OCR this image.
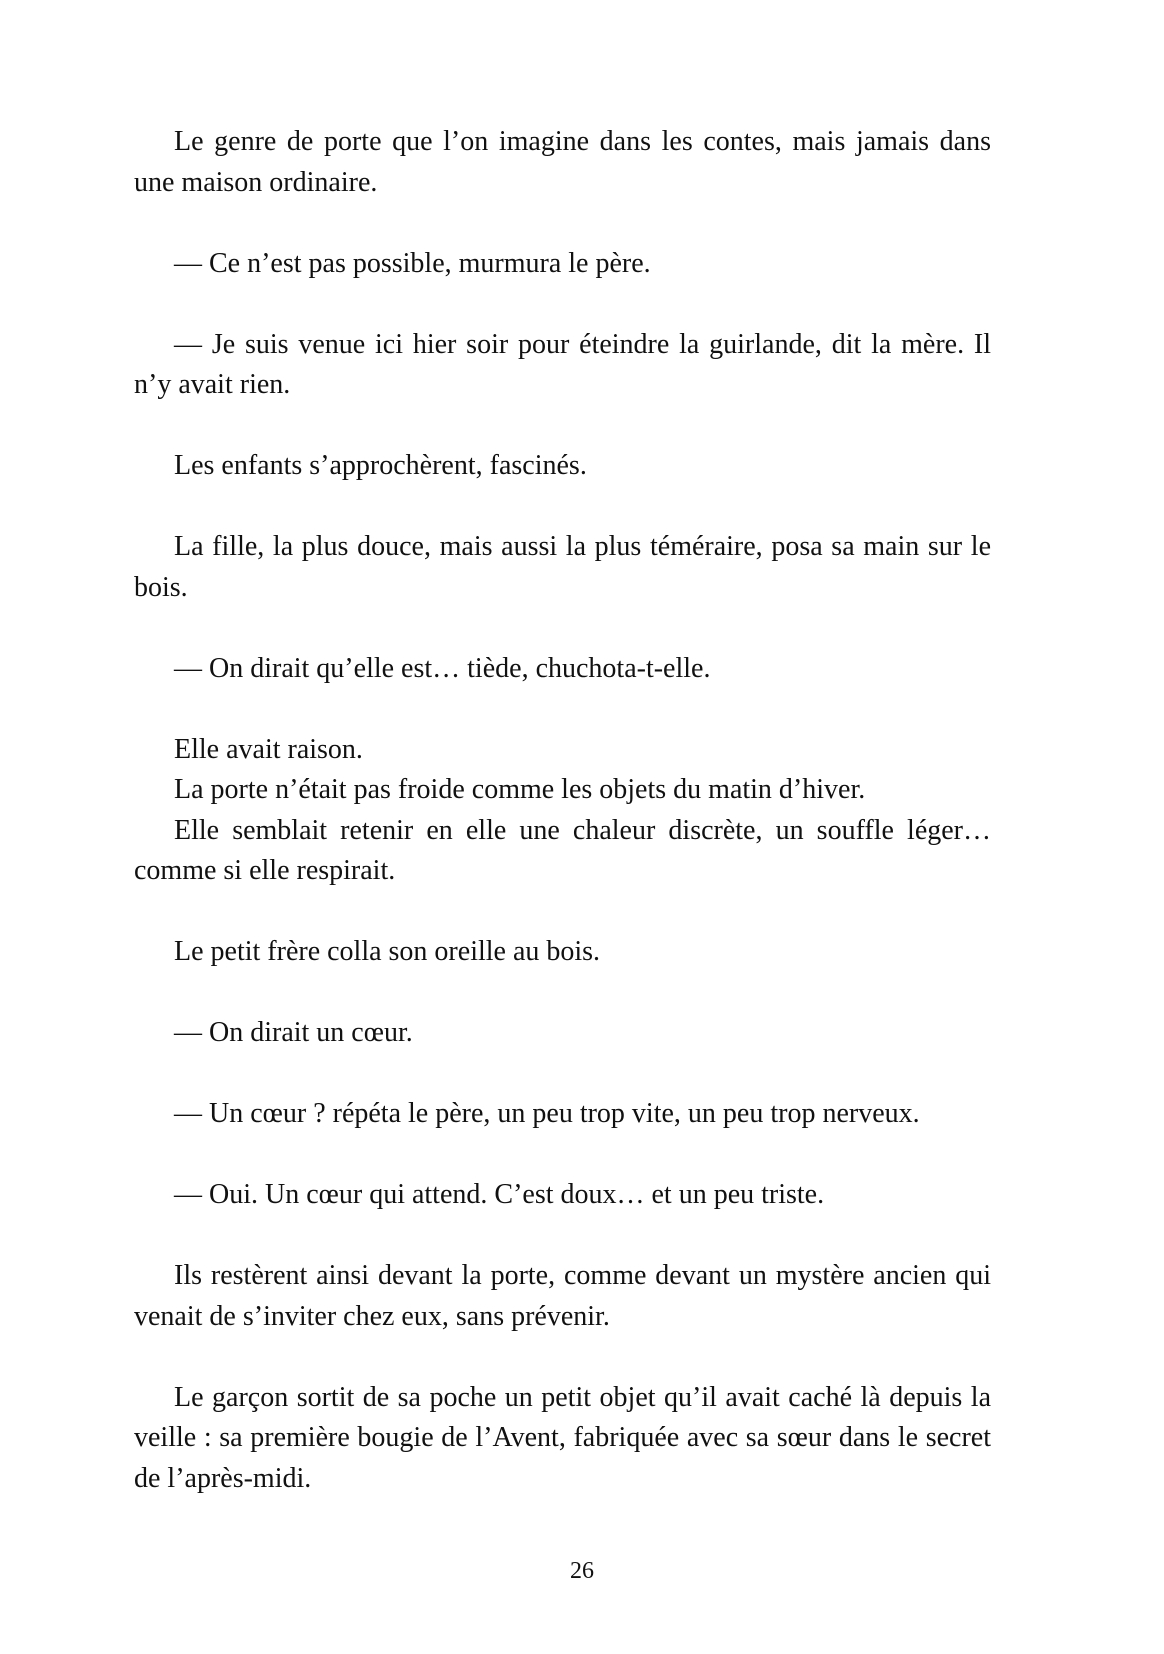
Le genre de porte que l’on imagine dans les contes, mais jamais dans une maison ordinaire.

— Ce n’est pas possible, murmura le père.

— Je suis venue ici hier soir pour éteindre la guirlande, dit la mère. Il n’y avait rien.

Les enfants s’approchèrent, fascinés.

La fille, la plus douce, mais aussi la plus téméraire, posa sa main sur le bois.

— On dirait qu’elle est… tiède, chuchota-t-elle.

Elle avait raison.

La porte n’était pas froide comme les objets du matin d’hiver.

Elle semblait retenir en elle une chaleur discrète, un souffle léger… comme si elle respirait.

Le petit frère colla son oreille au bois.

— On dirait un cœur.

— Un cœur ? répéta le père, un peu trop vite, un peu trop nerveux.

— Oui. Un cœur qui attend. C’est doux… et un peu triste.

Ils restèrent ainsi devant la porte, comme devant un mystère ancien qui venait de s’inviter chez eux, sans prévenir.

Le garçon sortit de sa poche un petit objet qu’il avait caché là depuis la veille : sa première bougie de l’Avent, fabriquée avec sa sœur dans le secret de l’après-midi.

26
